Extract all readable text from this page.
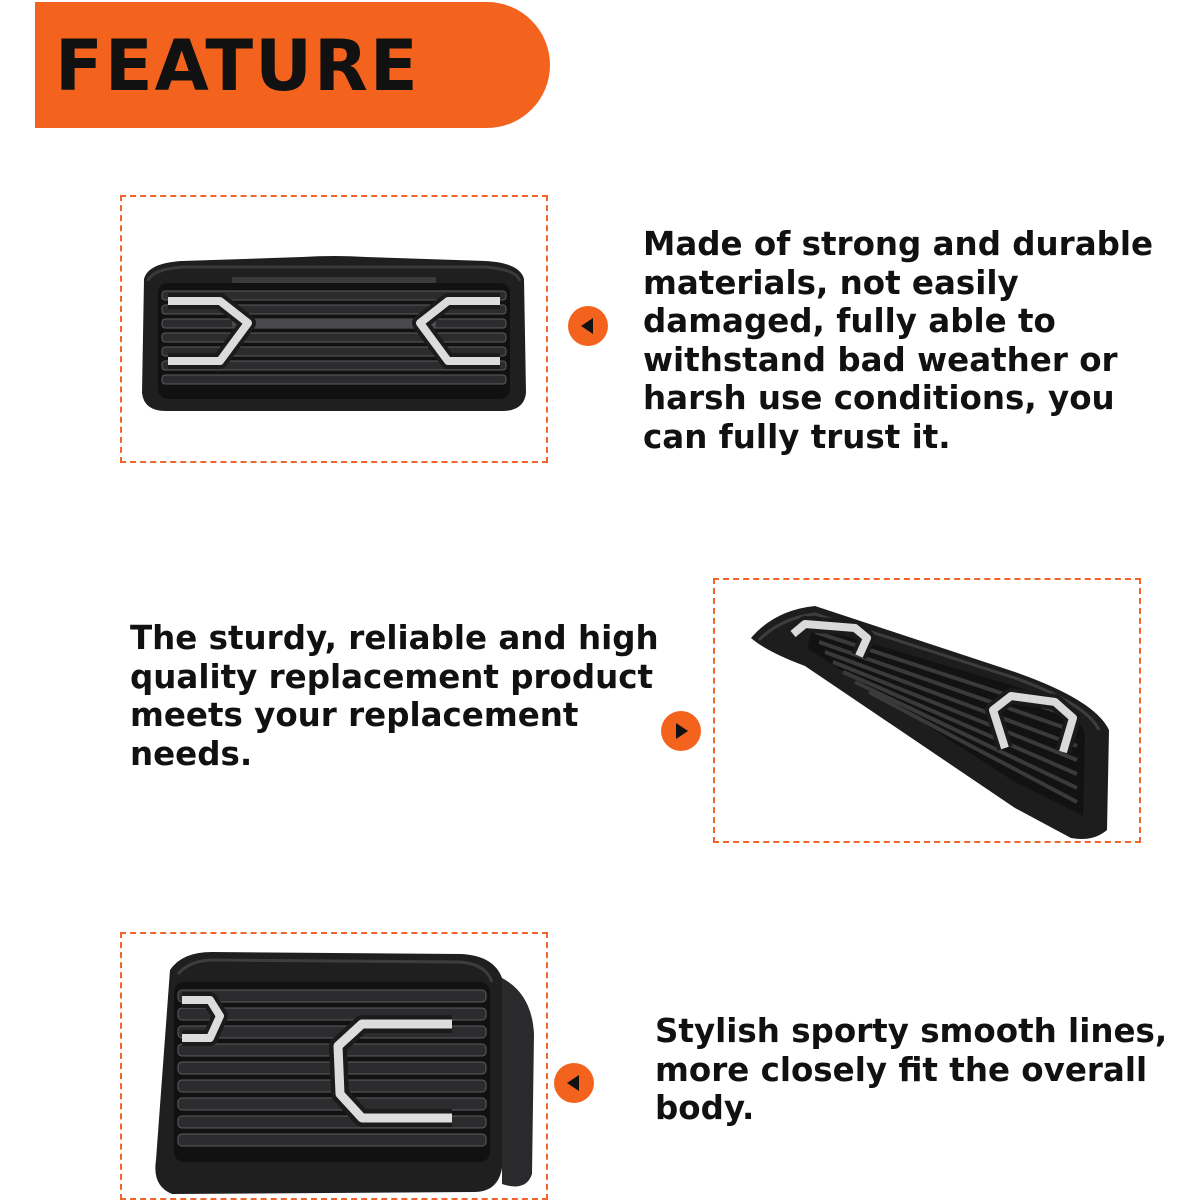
FEATURE

Made of strong and durable
materials, not easily
damaged, fully able to
withstand bad weather or
harsh use conditions, you
can fully trust it.

The sturdy, reliable and high
quality replacement product
meets your replacement
needs.

Stylish sporty smooth lines,
more closely fit the overall
body.
